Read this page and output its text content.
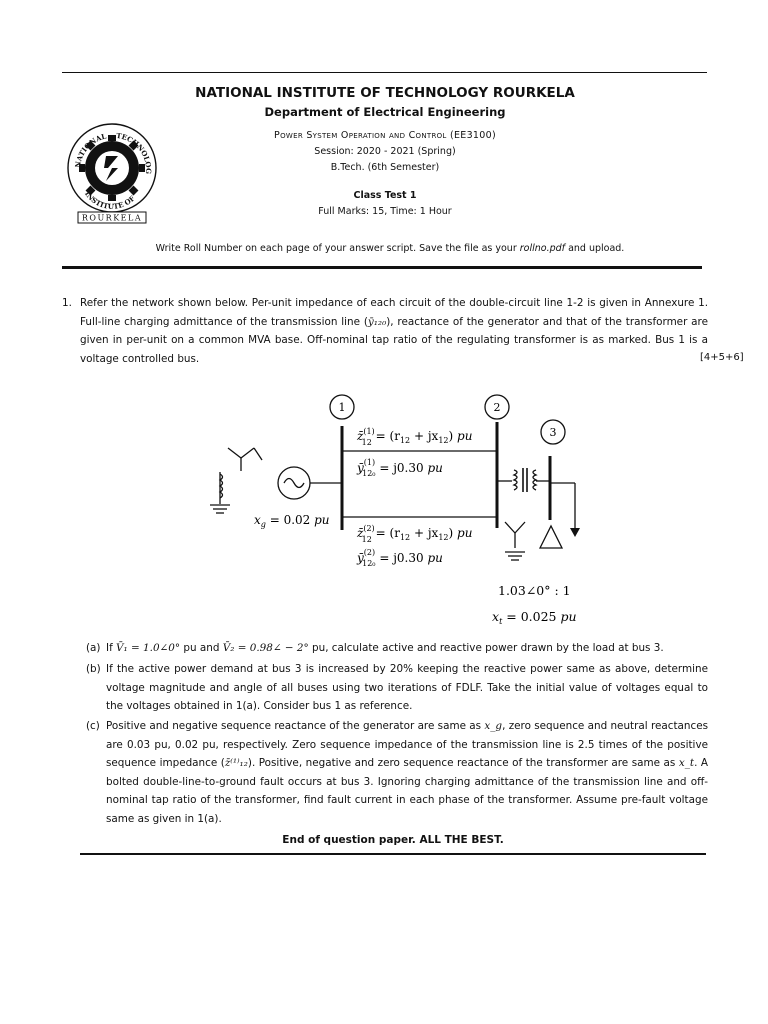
NATIONAL	TECHNOLOG
INSTITUTE OF
ROURKELA
NATIONAL INSTITUTE OF TECHNOLOGY ROURKELA
Department of Electrical Engineering
Power System Operation and Control (EE3100)
Session: 2020 - 2021 (Spring)
B.Tech. (6th Semester)
Class Test 1
Full Marks: 15, Time: 1 Hour
Write Roll Number on each page of your answer script. Save the file as your rollno.pdf and upload.
1. Refer the network shown below. Per-unit impedance of each circuit of the double-circuit line 1-2 is given in Annexure 1. Full-line charging admittance of the transmission line (ȳ₁₂₀), reactance of the generator and that of the transformer are given in per-unit on a common MVA base. Off-nominal tap ratio of the regulating transformer is as marked. Bus 1 is a voltage controlled bus.	[4+5+6]
1	2
3
z̄$^{(1)}$ $12 = (r_{12} + jx_{12})$ pu
$ȳ^{(1)}$ 12₀ = j0.30 pu
z̄$^{(2)}$ $12 = (r_{12} + jx_{12})$ pu
$ȳ^{(2)}$ 12₀ = j0.30 pu
$x_g = 0.02$ pu
1.03∠0° : 1
$x_t = 0.025$ pu
(a) If V̄₁ = 1.0∠0° pu and V̄₂ = 0.98∠ − 2° pu, calculate active and reactive power drawn by the load at bus 3.
(b) If the active power demand at bus 3 is increased by 20% keeping the reactive power same as above, determine voltage magnitude and angle of all buses using two iterations of FDLF. Take the initial value of voltages equal to the voltages obtained in 1(a). Consider bus 1 as reference.
(c) Positive and negative sequence reactance of the generator are same as x_g, zero sequence and neutral reactances are 0.03 pu, 0.02 pu, respectively. Zero sequence impedance of the transmission line is 2.5 times of the positive sequence impedance (z̄⁽¹⁾₁₂). Positive, negative and zero sequence reactance of the transformer are same as x_t. A bolted double-line-to-ground fault occurs at bus 3. Ignoring charging admittance of the transmission line and off-nominal tap ratio of the transformer, find fault current in each phase of the transformer. Assume pre-fault voltage same as given in 1(a).
End of question paper. ALL THE BEST.
